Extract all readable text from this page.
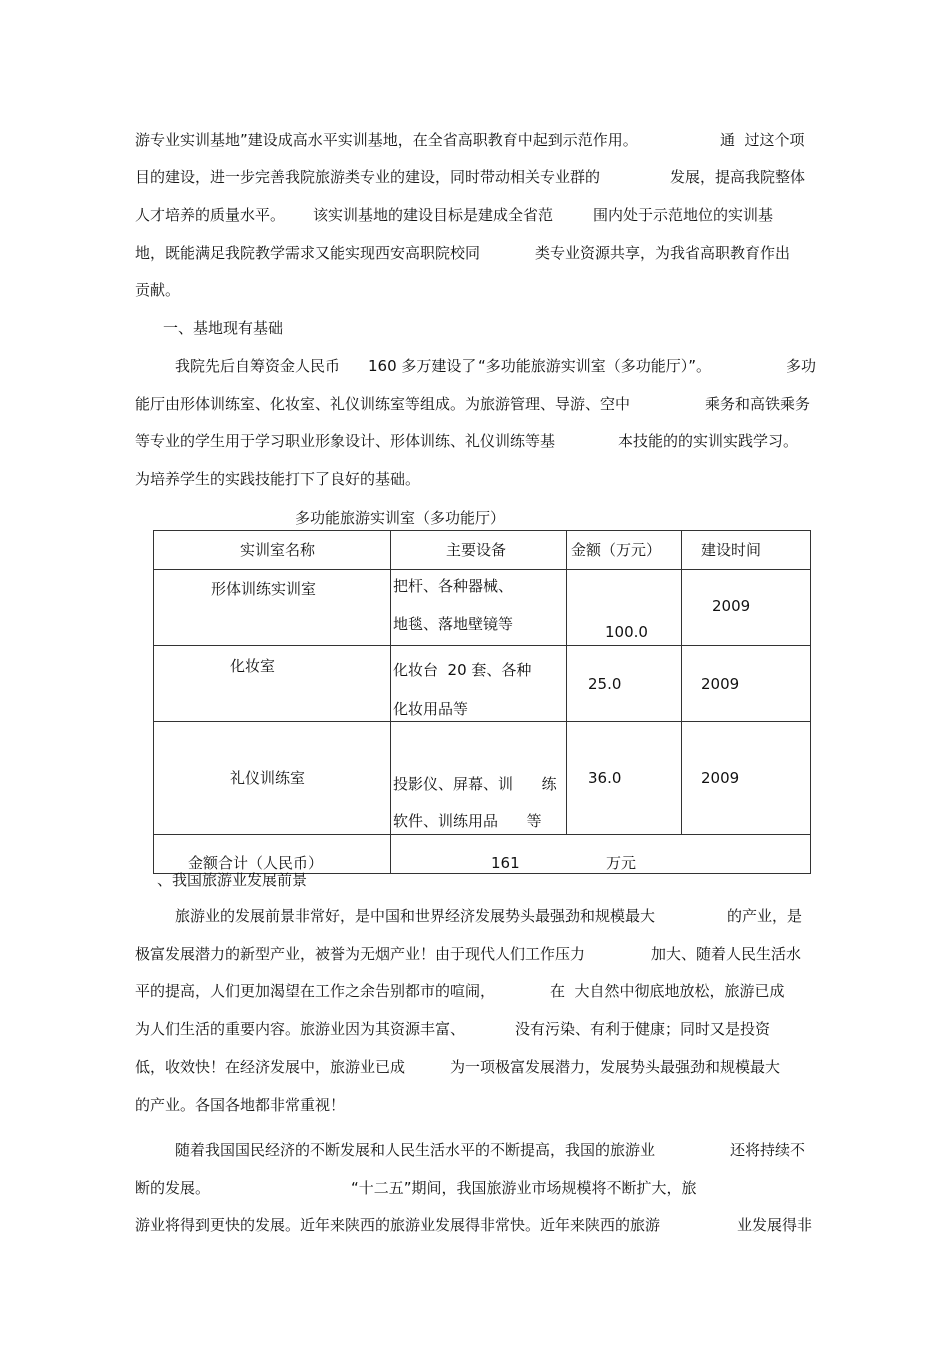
游专业实训基地”建设成高水平实训基地，在全省高职教育中起到示范作用。	通  过这个项
目的建设，进一步完善我院旅游类专业的建设，同时带动相关专业群的	发展，提高我院整体
人才培养的质量水平。 该实训基地的建设目标是建成全省范	围内处于示范地位的实训基
地，既能满足我院教学需求又能实现西安高职院校同	类专业资源共享，为我省高职教育作出
贡献。
一、基地现有基础
我院先后自筹资金人民币 160 多万建设了 “多功能旅游实训室（多功能厅）”。	多功
能厅由形体训练室、化妆室、礼仪训练室等组成。为旅游管理、导游、空中	乘务和高铁乘务
等专业的学生用于学习职业形象设计、形体训练、礼仪训练等基	本技能的的实训实践学习。
为培养学生的实践技能打下了良好的基础。
多功能旅游实训室（多功能厅）
实训室名称	主要设备	金额（万元）	建设时间

形体训练实训室	把杆、各种器械、
地毯、落地壁镜等	100.0	2009

化妆室	化妆台  20 套、各种
化妆用品等	25.0	2009

礼仪训练室	投影仪、屏幕、训      练
软件、训练用品      等	36.0	2009

金额合计（人民币）	161 万元		
、我国旅游业发展前景
旅游业的发展前景非常好，是中国和世界经济发展势头最强劲和规模最大	的产业，是
极富发展潜力的新型产业，被誉为无烟产业！由于现代人们工作压力	加大、随着人民生活水
平的提高，人们更加渴望在工作之余告别都市的喧闹，	在  大自然中彻底地放松，旅游已成
为人们生活的重要内容。旅游业因为其资源丰富、	没有污染、有利于健康；同时又是投资
低，收效快！在经济发展中，旅游业已成	为一项极富发展潜力，发展势头最强劲和规模最大
的产业。各国各地都非常重视！
随着我国国民经济的不断发展和人民生活水平的不断提高，我国的旅游业	还将持续不
断的发展。	“十二五”期间，我国旅游业市场规模将不断扩大，旅
游业将得到更快的发展。近年来陕西的旅游业发展得非常快。近年来陕西的旅游	业发展得非
